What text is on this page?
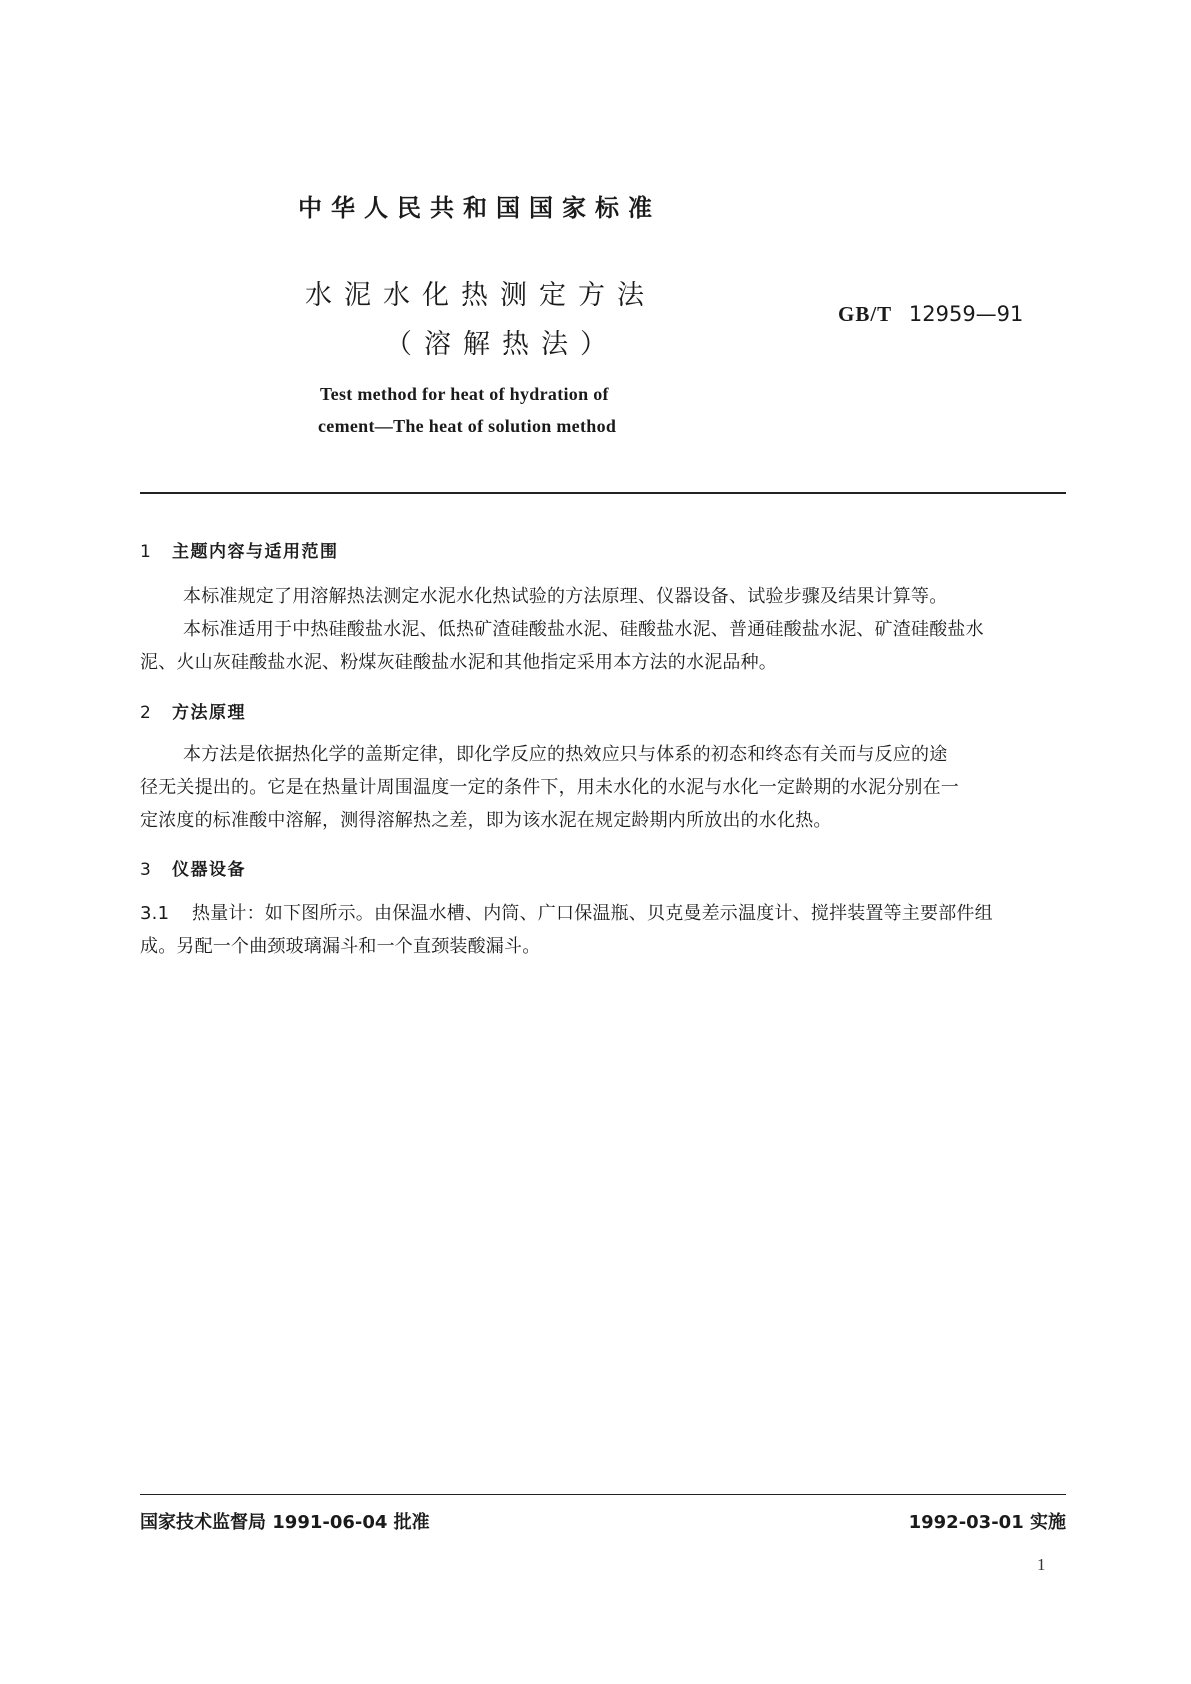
中华人民共和国国家标准
水泥水化热测定方法
（溶解热法）
GB/T 12959—91
Test method for heat of hydration of
cement—The heat of solution method
1 主题内容与适用范围
本标准规定了用溶解热法测定水泥水化热试验的方法原理、仪器设备、试验步骤及结果计算等。
本标准适用于中热硅酸盐水泥、低热矿渣硅酸盐水泥、硅酸盐水泥、普通硅酸盐水泥、矿渣硅酸盐水
泥、火山灰硅酸盐水泥、粉煤灰硅酸盐水泥和其他指定采用本方法的水泥品种。
2 方法原理
本方法是依据热化学的盖斯定律，即化学反应的热效应只与体系的初态和终态有关而与反应的途
径无关提出的。它是在热量计周围温度一定的条件下，用未水化的水泥与水化一定龄期的水泥分别在一
定浓度的标准酸中溶解，测得溶解热之差，即为该水泥在规定龄期内所放出的水化热。
3 仪器设备
3.1 热量计：如下图所示。由保温水槽、内筒、广口保温瓶、贝克曼差示温度计、搅拌装置等主要部件组
成。另配一个曲颈玻璃漏斗和一个直颈装酸漏斗。
国家技术监督局 1991-06-04 批准	1992-03-01 实施
1
